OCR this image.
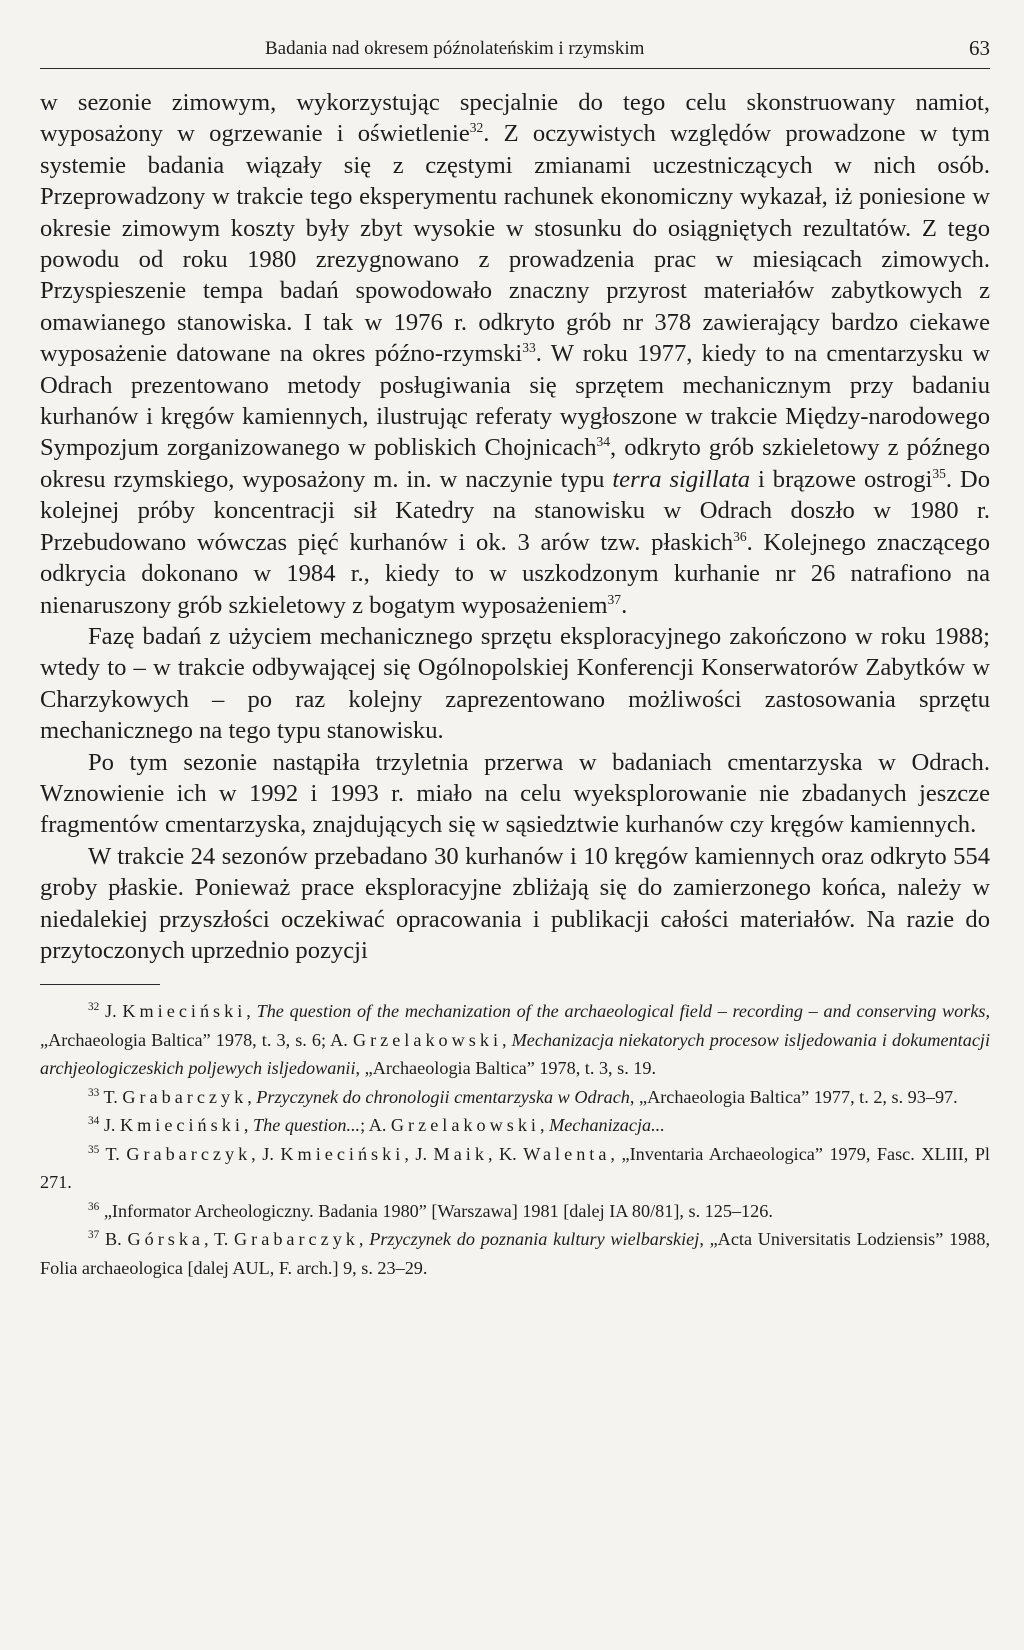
Badania nad okresem późnolateńskim i rzymskim	63

w sezonie zimowym, wykorzystując specjalnie do tego celu skonstruowany namiot, wyposażony w ogrzewanie i oświetlenie$^{32}$. Z oczywistych względów prowadzone w tym systemie badania wiązały się z częstymi zmianami uczestniczących w nich osób. Przeprowadzony w trakcie tego eksperymentu rachunek ekonomiczny wykazał, iż poniesione w okresie zimowym koszty były zbyt wysokie w stosunku do osiągniętych rezultatów. Z tego powodu od roku 1980 zrezygnowano z prowadzenia prac w miesiącach zimowych. Przyspieszenie tempa badań spowodowało znaczny przyrost materiałów zabytkowych z omawianego stanowiska. I tak w 1976 r. odkryto grób nr 378 zawierający bardzo ciekawe wyposażenie datowane na okres późno-rzymski$^{33}$. W roku 1977, kiedy to na cmentarzysku w Odrach prezentowano metody posługiwania się sprzętem mechanicznym przy badaniu kurhanów i kręgów kamiennych, ilustrując referaty wygłoszone w trakcie Między-narodowego Sympozjum zorganizowanego w pobliskich Chojnicach$^{34}$, odkryto grób szkieletowy z późnego okresu rzymskiego, wyposażony m. in. w naczynie typu terra sigillata i brązowe ostrogi$^{35}$. Do kolejnej próby koncentracji sił Katedry na stanowisku w Odrach doszło w 1980 r. Przebudowano wówczas pięć kurhanów i ok. 3 arów tzw. płaskich$^{36}$. Kolejnego znaczącego odkrycia dokonano w 1984 r., kiedy to w uszkodzonym kurhanie nr 26 natrafiono na nienaruszony grób szkieletowy z bogatym wyposażeniem$^{37}$.

Fazę badań z użyciem mechanicznego sprzętu eksploracyjnego zakończono w roku 1988; wtedy to – w trakcie odbywającej się Ogólnopolskiej Konferencji Konserwatorów Zabytków w Charzykowych – po raz kolejny zaprezentowano możliwości zastosowania sprzętu mechanicznego na tego typu stanowisku.

Po tym sezonie nastąpiła trzyletnia przerwa w badaniach cmentarzyska w Odrach. Wznowienie ich w 1992 i 1993 r. miało na celu wyeksplorowanie nie zbadanych jeszcze fragmentów cmentarzyska, znajdujących się w sąsiedztwie kurhanów czy kręgów kamiennych.

W trakcie 24 sezonów przebadano 30 kurhanów i 10 kręgów kamiennych oraz odkryto 554 groby płaskie. Ponieważ prace eksploracyjne zbliżają się do zamierzonego końca, należy w niedalekiej przyszłości oczekiwać opracowania i publikacji całości materiałów. Na razie do przytoczonych uprzednio pozycji

$^{32}$ J. Kmieciński, The question of the mechanization of the archaeological field – recording – and conserving works, „Archaeologia Baltica” 1978, t. 3, s. 6; A. Grzelakowski, Mechanizacja niekatorych procesow isljedowania i dokumentacji archjeologiczeskich poljewych isljedowanii, „Archaeologia Baltica” 1978, t. 3, s. 19.

$^{33}$ T. Grabarczyk, Przyczynek do chronologii cmentarzyska w Odrach, „Archaeologia Baltica” 1977, t. 2, s. 93–97.

$^{34}$ J. Kmieciński, The question...; A. Grzelakowski, Mechanizacja...

$^{35}$ T. Grabarczyk, J. Kmieciński, J. Maik, K. Walenta, „Inventaria Archaeologica” 1979, Fasc. XLIII, Pl 271.

$^{36}$ „Informator Archeologiczny. Badania 1980” [Warszawa] 1981 [dalej IA 80/81], s. 125–126.

$^{37}$ B. Górska, T. Grabarczyk, Przyczynek do poznania kultury wielbarskiej, „Acta Universitatis Lodziensis” 1988, Folia archaeologica [dalej AUL, F. arch.] 9, s. 23–29.
